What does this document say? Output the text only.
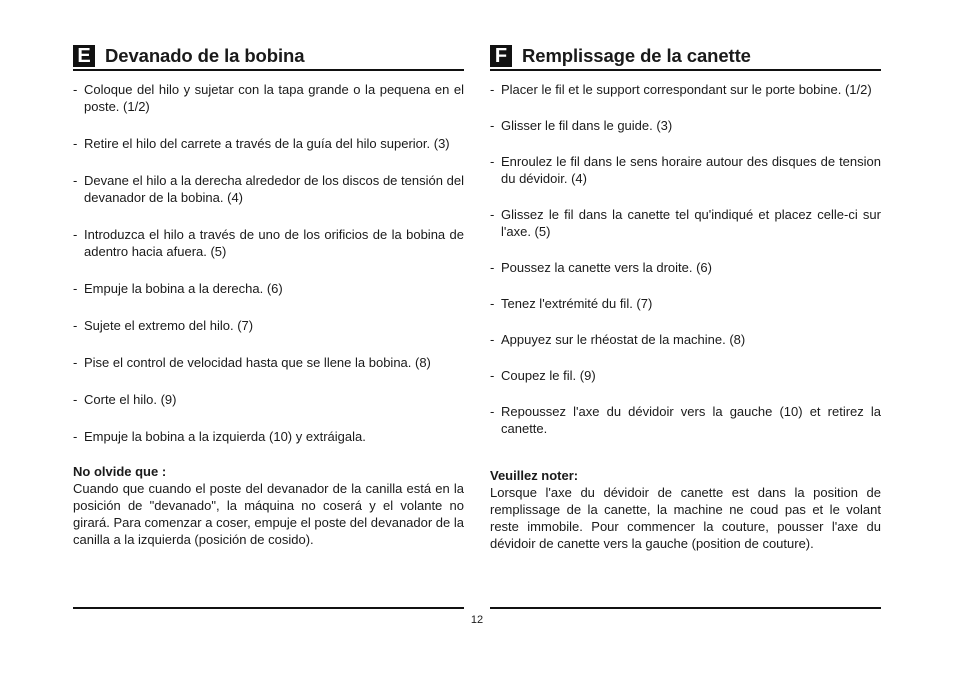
E Devanado de la bobina
- Coloque del hilo y sujetar con la tapa grande o la pequena en el poste. (1/2)
- Retire el hilo del carrete a través de la guía del hilo superior. (3)
- Devane el hilo a la derecha alrededor de los discos de tensión del devanador de la bobina. (4)
- Introduzca el hilo a través de uno de los orificios de la bobina de adentro hacia afuera. (5)
- Empuje la bobina a la derecha. (6)
- Sujete el extremo del hilo. (7)
- Pise el control de velocidad hasta que se llene la bobina. (8)
- Corte el hilo. (9)
- Empuje la bobina a la izquierda (10) y extráigala.
No olvide que :
Cuando que cuando el poste del devanador de la canilla está en la posición de "devanado", la máquina no coserá y el volante no girará. Para comenzar a coser, empuje el poste del devanador de la canilla a la izquierda (posición de cosido).
F Remplissage de la canette
- Placer le fil et le support correspondant sur le porte bobine. (1/2)
- Glisser le fil dans le guide. (3)
- Enroulez le fil dans le sens horaire autour des disques de tension du dévidoir. (4)
- Glissez le fil dans la canette tel qu'indiqué et placez celle-ci sur l'axe. (5)
- Poussez la canette vers la droite. (6)
- Tenez l'extrémité du fil. (7)
- Appuyez sur le rhéostat de la machine. (8)
- Coupez le fil. (9)
- Repoussez l'axe du dévidoir vers la gauche (10) et retirez la canette.
Veuillez noter:
Lorsque l'axe du dévidoir de canette est dans la position de remplissage de la canette, la machine ne coud pas et le volant reste immobile. Pour commencer la couture, pousser l'axe du dévidoir de canette vers la gauche (position de couture).
12
